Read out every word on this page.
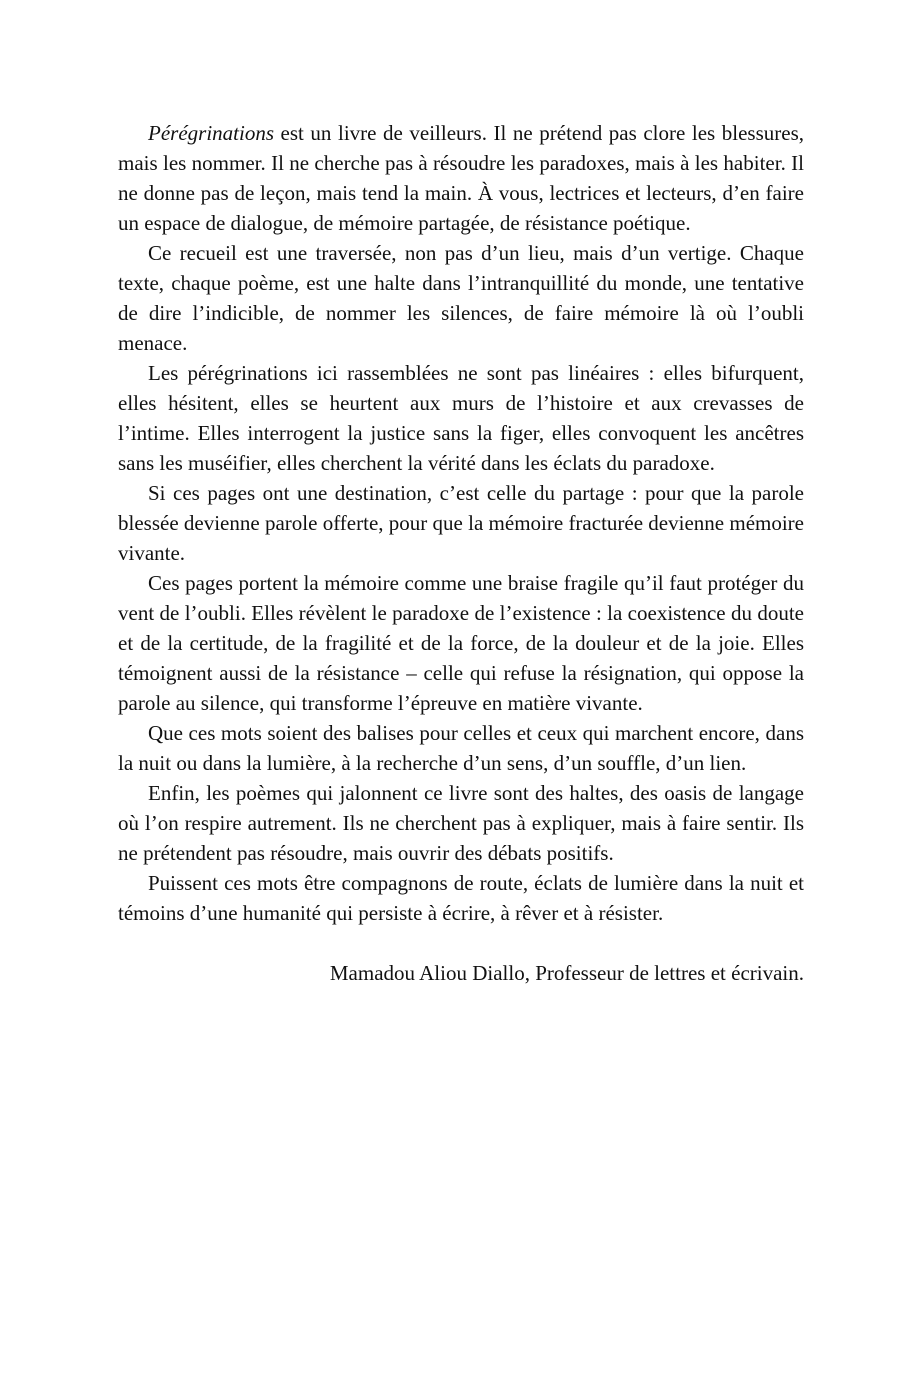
Pérégrinations est un livre de veilleurs. Il ne prétend pas clore les blessures, mais les nommer. Il ne cherche pas à résoudre les paradoxes, mais à les habiter. Il ne donne pas de leçon, mais tend la main. À vous, lectrices et lecteurs, d’en faire un espace de dialogue, de mémoire partagée, de résistance poétique.

Ce recueil est une traversée, non pas d’un lieu, mais d’un vertige. Chaque texte, chaque poème, est une halte dans l’intranquillité du monde, une tentative de dire l’indicible, de nommer les silences, de faire mémoire là où l’oubli menace.

Les pérégrinations ici rassemblées ne sont pas linéaires : elles bifurquent, elles hésitent, elles se heurtent aux murs de l’histoire et aux crevasses de l’intime. Elles interrogent la justice sans la figer, elles convoquent les ancêtres sans les muséifier, elles cherchent la vérité dans les éclats du paradoxe.

Si ces pages ont une destination, c’est celle du partage : pour que la parole blessée devienne parole offerte, pour que la mémoire fracturée devienne mémoire vivante.

Ces pages portent la mémoire comme une braise fragile qu’il faut protéger du vent de l’oubli. Elles révèlent le paradoxe de l’existence : la coexistence du doute et de la certitude, de la fragilité et de la force, de la douleur et de la joie. Elles témoignent aussi de la résistance – celle qui refuse la résignation, qui oppose la parole au silence, qui transforme l’épreuve en matière vivante.

Que ces mots soient des balises pour celles et ceux qui marchent encore, dans la nuit ou dans la lumière, à la recherche d’un sens, d’un souffle, d’un lien.

Enfin, les poèmes qui jalonnent ce livre sont des haltes, des oasis de langage où l’on respire autrement. Ils ne cherchent pas à expliquer, mais à faire sentir. Ils ne prétendent pas résoudre, mais ouvrir des débats positifs.

Puissent ces mots être compagnons de route, éclats de lumière dans la nuit et témoins d’une humanité qui persiste à écrire, à rêver et à résister.

Mamadou Aliou Diallo, Professeur de lettres et écrivain.
